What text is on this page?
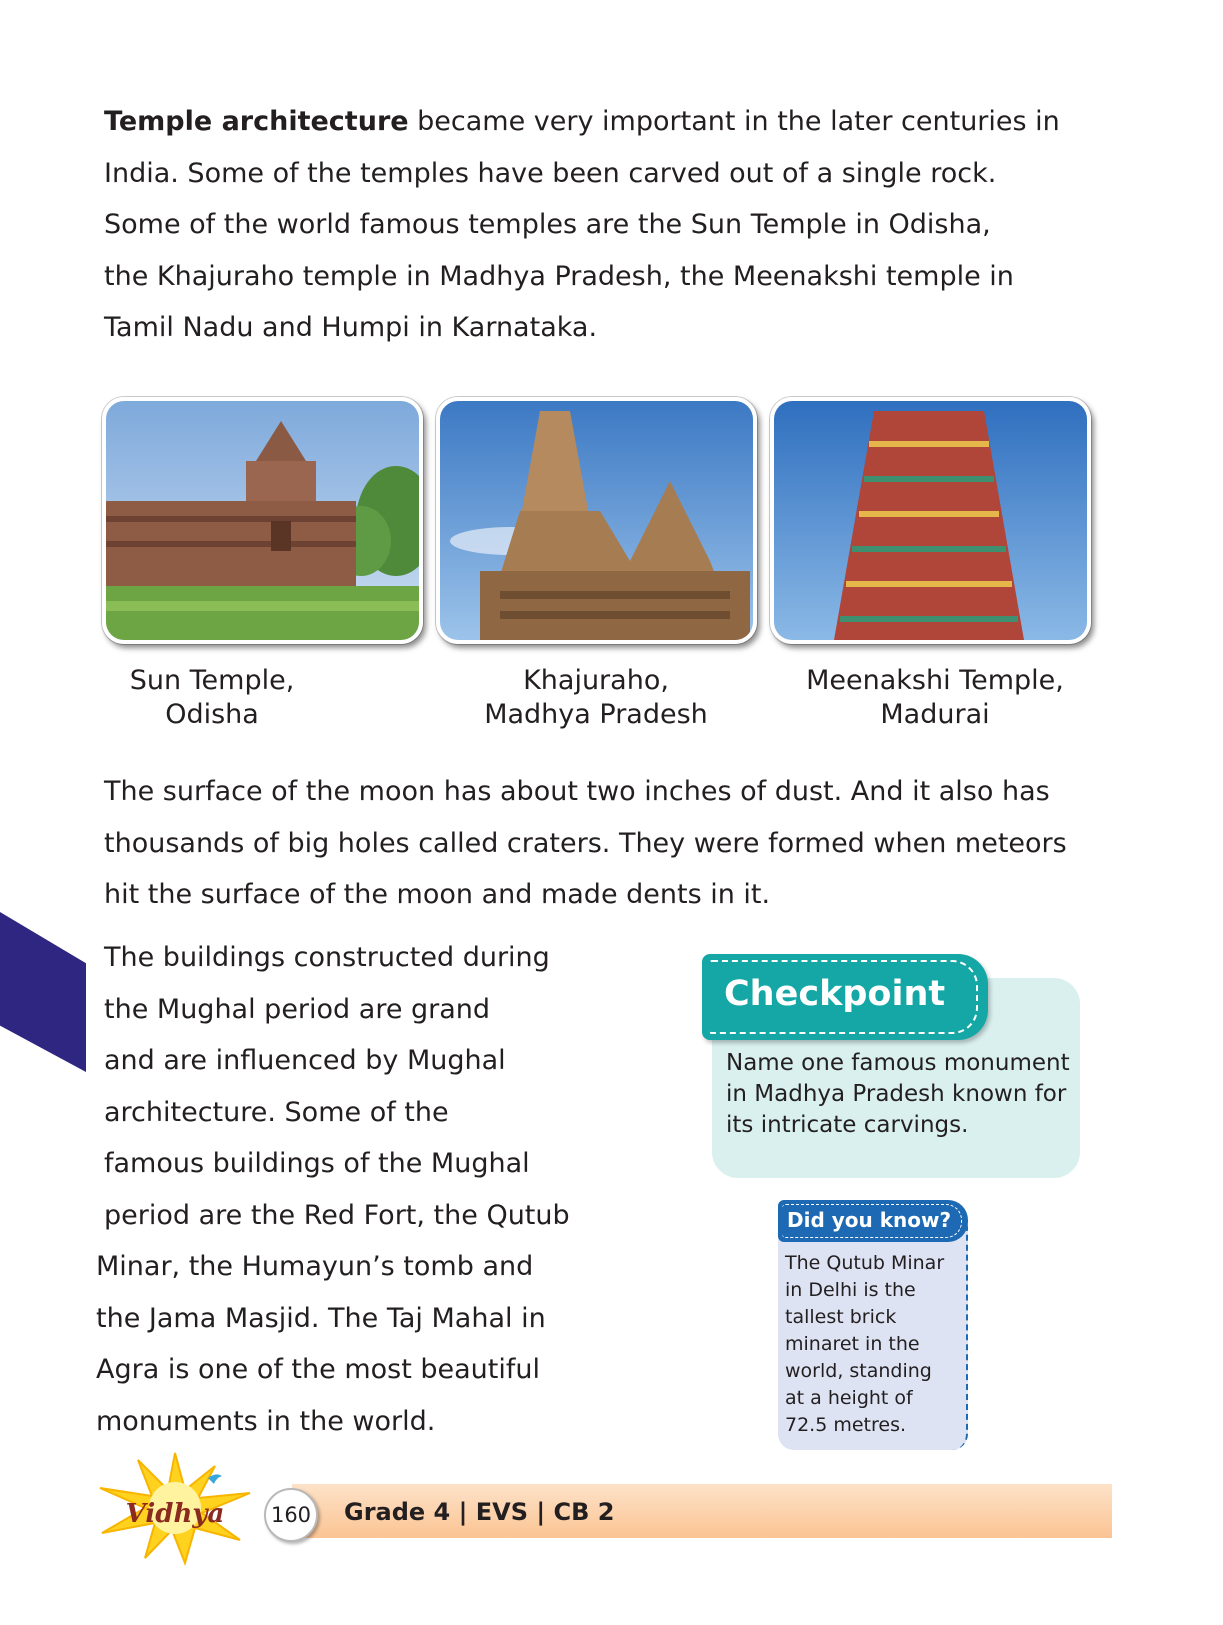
Temple architecture became very important in the later centuries in
India. Some of the temples have been carved out of a single rock.
Some of the world famous temples are the Sun Temple in Odisha,
the Khajuraho temple in Madhya Pradesh, the Meenakshi temple in
Tamil Nadu and Humpi in Karnataka.

Sun Temple,
Odisha
Khajuraho,
Madhya Pradesh
Meenakshi Temple,
Madurai

The surface of the moon has about two inches of dust. And it also has
thousands of big holes called craters. They were formed when meteors
hit the surface of the moon and made dents in it.

The buildings constructed during
the Mughal period are grand
and are influenced by Mughal
architecture. Some of the
famous buildings of the Mughal
period are the Red Fort, the Qutub
Minar, the Humayun’s tomb and
the Jama Masjid. The Taj Mahal in
Agra is one of the most beautiful
monuments in the world.

Checkpoint
Name one famous monument
in Madhya Pradesh known for
its intricate carvings.
Did you know?
The Qutub Minar
in Delhi is the
tallest brick
minaret in the
world, standing
at a height of
72.5 metres.
Grade 4 | EVS | CB 2
160
Vidhya
